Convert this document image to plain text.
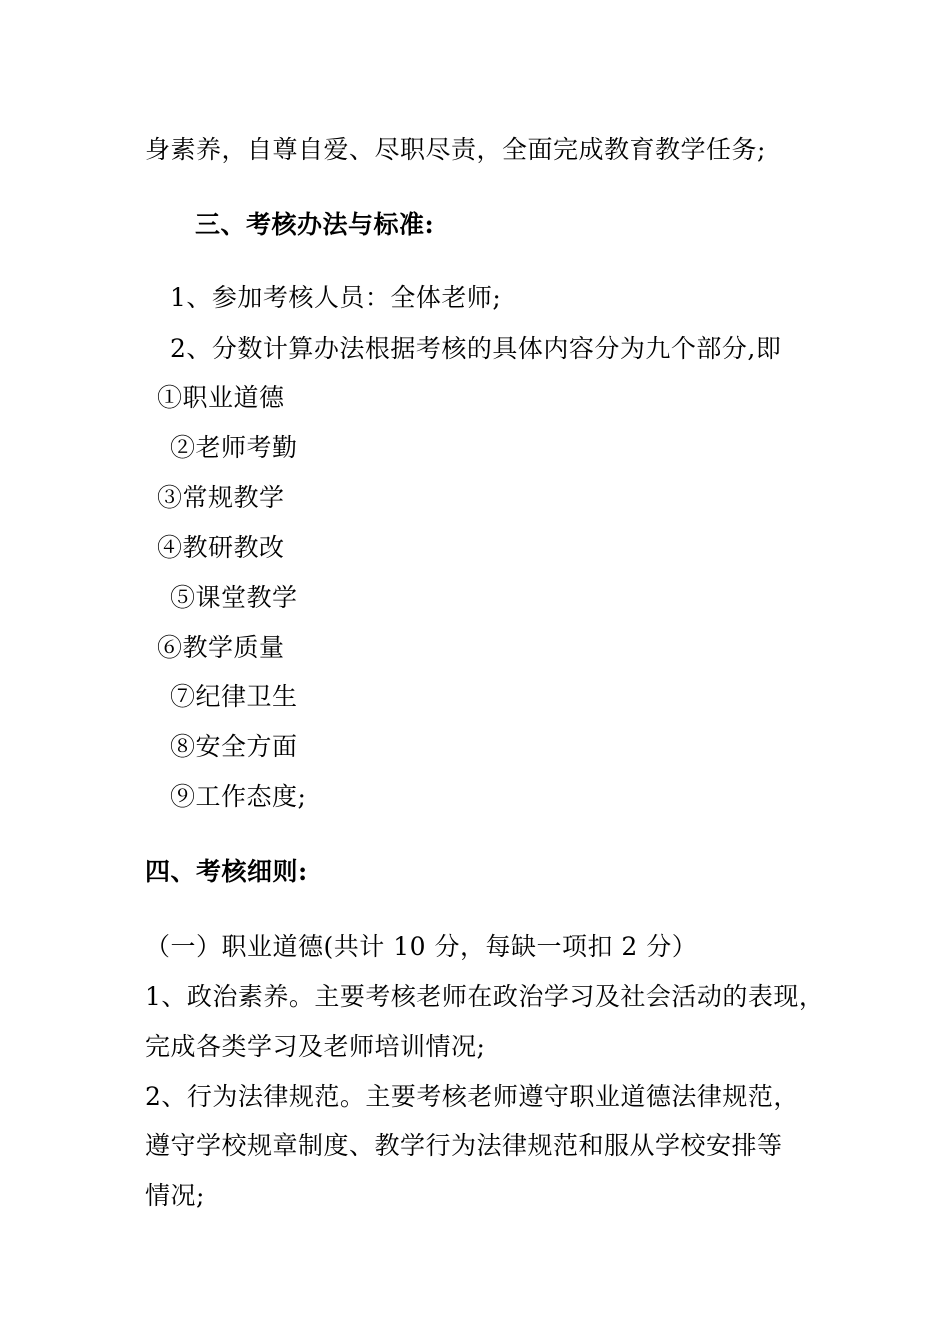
身素养，自尊自爱、尽职尽责，全面完成教育教学任务;
三、考核办法与标准:
1、参加考核人员：全体老师;
2、分数计算办法根据考核的具体内容分为九个部分,即
①职业道德
②老师考勤
③常规教学
④教研教改
⑤课堂教学
⑥教学质量
⑦纪律卫生
⑧安全方面
⑨工作态度;
四、考核细则:
（一）职业道德(共计 10 分，每缺一项扣 2 分）
1、政治素养。主要考核老师在政治学习及社会活动的表现，
完成各类学习及老师培训情况;
2、行为法律规范。主要考核老师遵守职业道德法律规范，
遵守学校规章制度、教学行为法律规范和服从学校安排等
情况;
